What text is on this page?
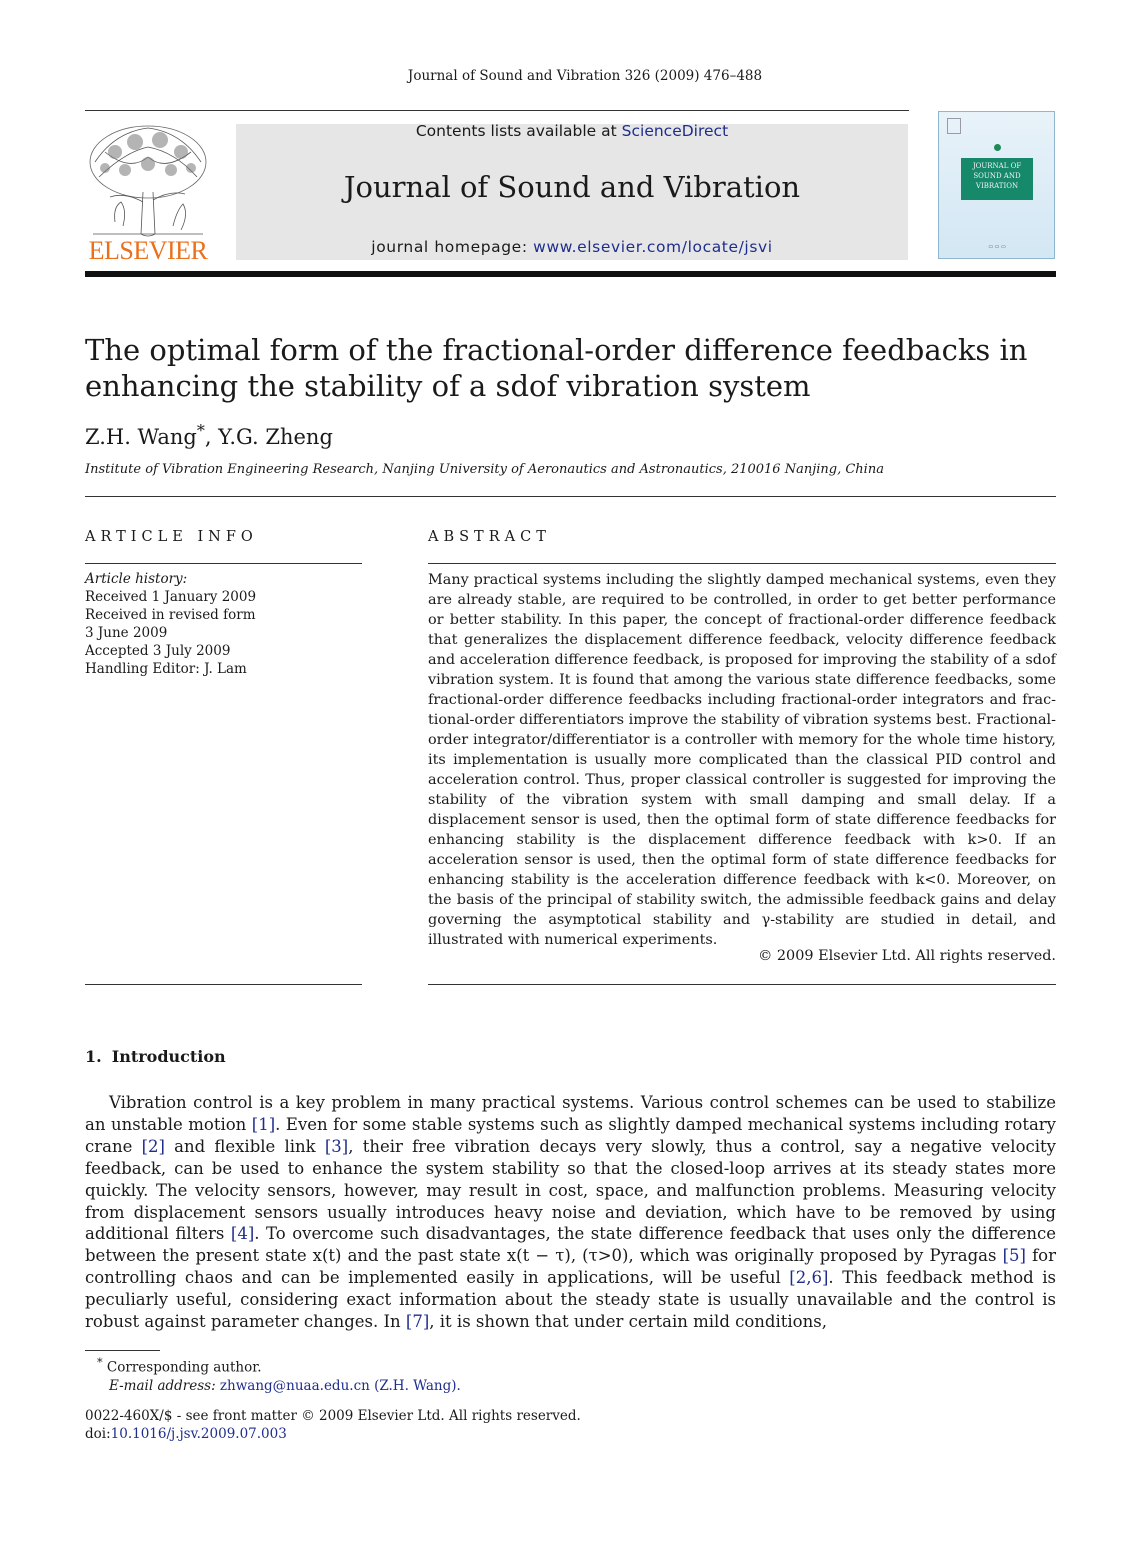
Journal of Sound and Vibration 326 (2009) 476–488
ELSEVIER
Contents lists available at ScienceDirect
Journal of Sound and Vibration
journal homepage: www.elsevier.com/locate/jsvi
JOURNAL OF SOUND AND VIBRATION
▭ ▭ ▭
The optimal form of the fractional-order difference feedbacks in
enhancing the stability of a sdof vibration system
Z.H. Wang*, Y.G. Zheng
Institute of Vibration Engineering Research, Nanjing University of Aeronautics and Astronautics, 210016 Nanjing, China
ARTICLE INFO
Article history:
Received 1 January 2009
Received in revised form
3 June 2009
Accepted 3 July 2009
Handling Editor: J. Lam
ABSTRACT
Many practical systems including the slightly damped mechanical systems, even they are already stable, are required to be controlled, in order to get better performance or better stability. In this paper, the concept of fractional-order difference feedback that generalizes the displacement difference feedback, velocity difference feedback and acceleration difference feedback, is proposed for improving the stability of a sdof vibration system. It is found that among the various state difference feedbacks, some fractional-order difference feedbacks including fractional-order integrators and frac-tional-order differentiators improve the stability of vibration systems best. Fractional-order integrator/differentiator is a controller with memory for the whole time history, its implementation is usually more complicated than the classical PID control and acceleration control. Thus, proper classical controller is suggested for improving the stability of the vibration system with small damping and small delay. If a displacement sensor is used, then the optimal form of state difference feedbacks for enhancing stability is the displacement difference feedback with k>0. If an acceleration sensor is used, then the optimal form of state difference feedbacks for enhancing stability is the acceleration difference feedback with k<0. Moreover, on the basis of the principal of stability switch, the admissible feedback gains and delay governing the asymptotical stability and γ-stability are studied in detail, and illustrated with numerical experiments.
© 2009 Elsevier Ltd. All rights reserved.
1. Introduction
Vibration control is a key problem in many practical systems. Various control schemes can be used to stabilize an unstable motion [1]. Even for some stable systems such as slightly damped mechanical systems including rotary crane [2] and flexible link [3], their free vibration decays very slowly, thus a control, say a negative velocity feedback, can be used to enhance the system stability so that the closed-loop arrives at its steady states more quickly. The velocity sensors, however, may result in cost, space, and malfunction problems. Measuring velocity from displacement sensors usually introduces heavy noise and deviation, which have to be removed by using additional filters [4]. To overcome such disadvantages, the state difference feedback that uses only the difference between the present state x(t) and the past state x(t − τ), (τ>0), which was originally proposed by Pyragas [5] for controlling chaos and can be implemented easily in applications, will be useful [2,6]. This feedback method is peculiarly useful, considering exact information about the steady state is usually unavailable and the control is robust against parameter changes. In [7], it is shown that under certain mild conditions,
* Corresponding author.
E-mail address: zhwang@nuaa.edu.cn (Z.H. Wang).
0022-460X/$ - see front matter © 2009 Elsevier Ltd. All rights reserved.
doi:10.1016/j.jsv.2009.07.003
